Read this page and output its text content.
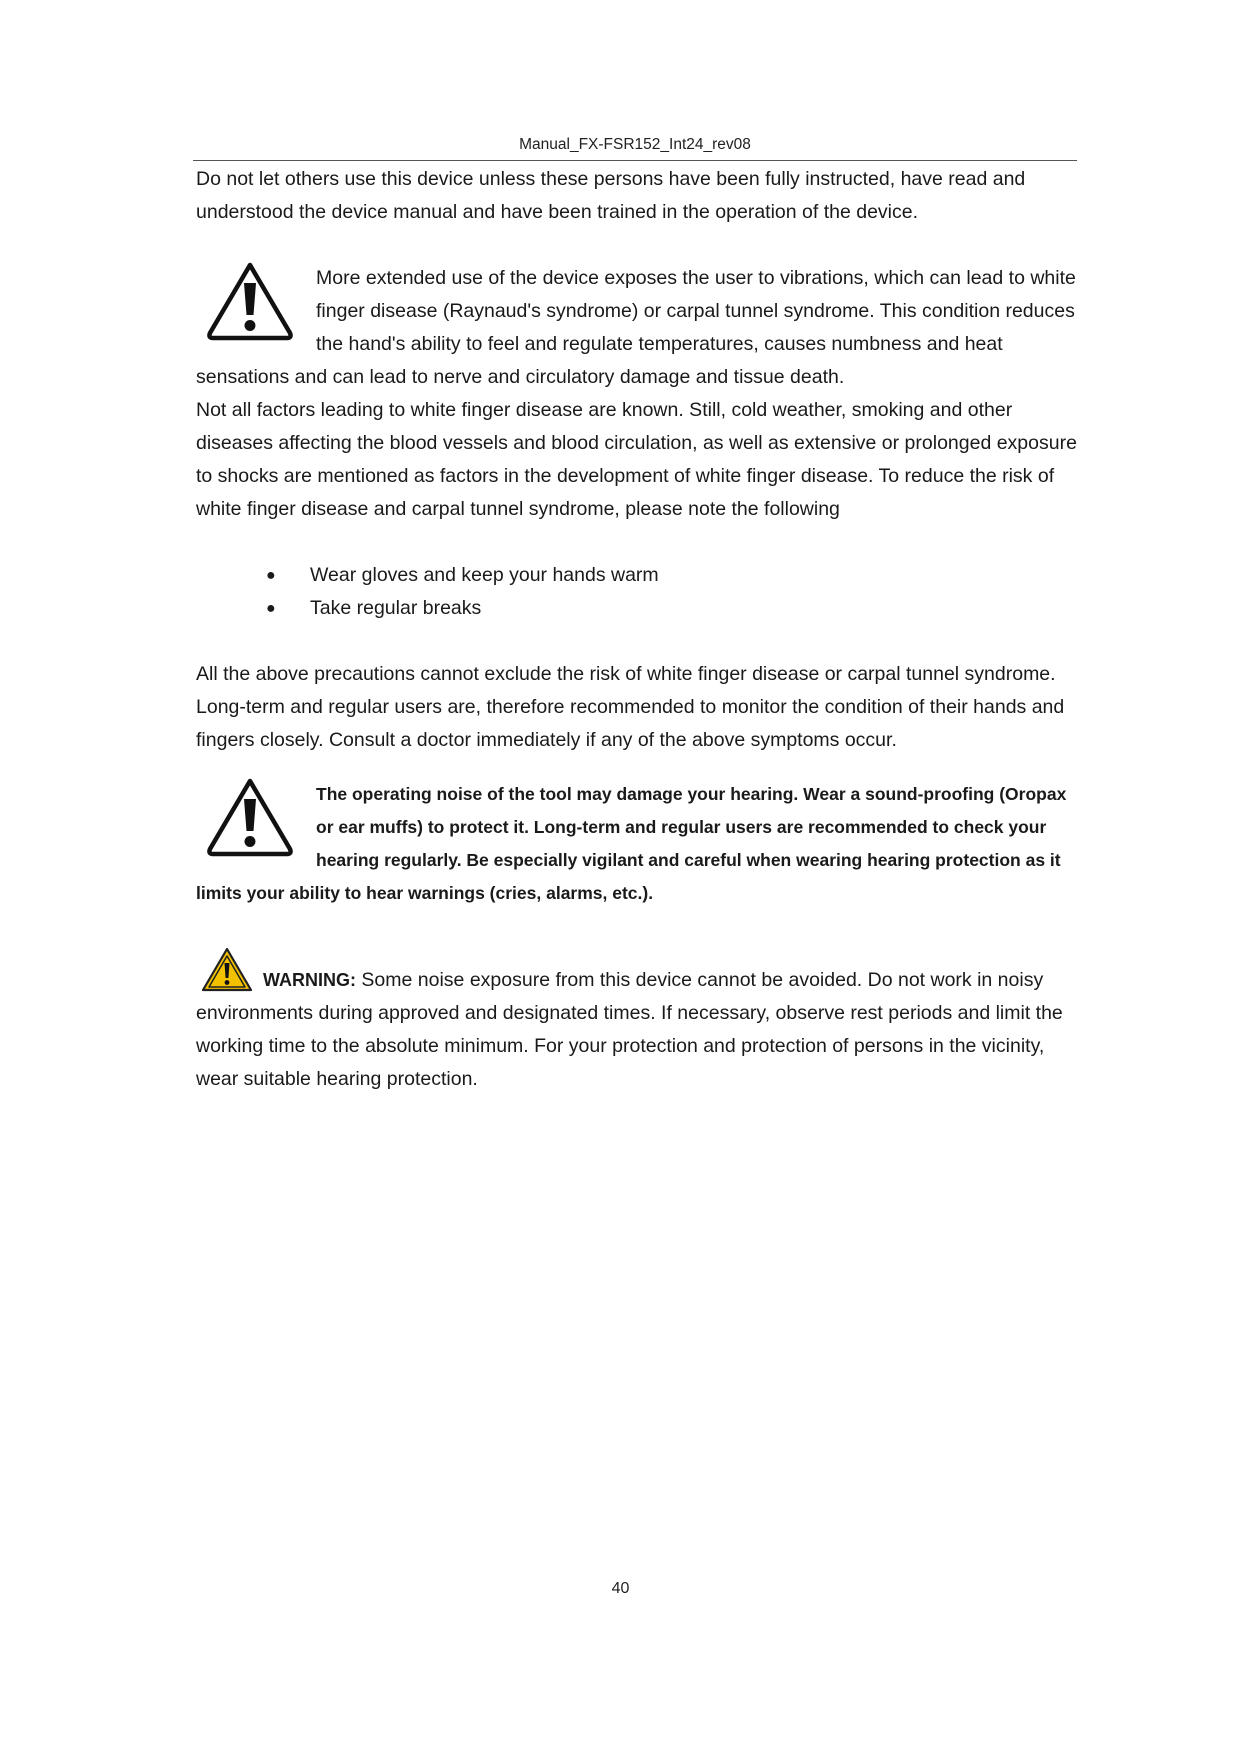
Manual_FX-FSR152_Int24_rev08

Do not let others use this device unless these persons have been fully instructed, have read and understood the device manual and have been trained in the operation of the device.

More extended use of the device exposes the user to vibrations, which can lead to white finger disease (Raynaud's syndrome) or carpal tunnel syndrome. This condition reduces the hand's ability to feel and regulate temperatures, causes numbness and heat sensations and can lead to nerve and circulatory damage and tissue death.

Not all factors leading to white finger disease are known. Still, cold weather, smoking and other diseases affecting the blood vessels and blood circulation, as well as extensive or prolonged exposure to shocks are mentioned as factors in the development of white finger disease. To reduce the risk of white finger disease and carpal tunnel syndrome, please note the following

●	Wear gloves and keep your hands warm
●	Take regular breaks

All the above precautions cannot exclude the risk of white finger disease or carpal tunnel syndrome. Long-term and regular users are, therefore recommended to monitor the condition of their hands and fingers closely. Consult a doctor immediately if any of the above symptoms occur.

The operating noise of the tool may damage your hearing. Wear a sound-proofing (Oropax or ear muffs) to protect it. Long-term and regular users are recommended to check your hearing regularly. Be especially vigilant and careful when wearing hearing protection as it limits your ability to hear warnings (cries, alarms, etc.).

WARNING: Some noise exposure from this device cannot be avoided. Do not work in noisy environments during approved and designated times. If necessary, observe rest periods and limit the working time to the absolute minimum. For your protection and protection of persons in the vicinity, wear suitable hearing protection.

40
